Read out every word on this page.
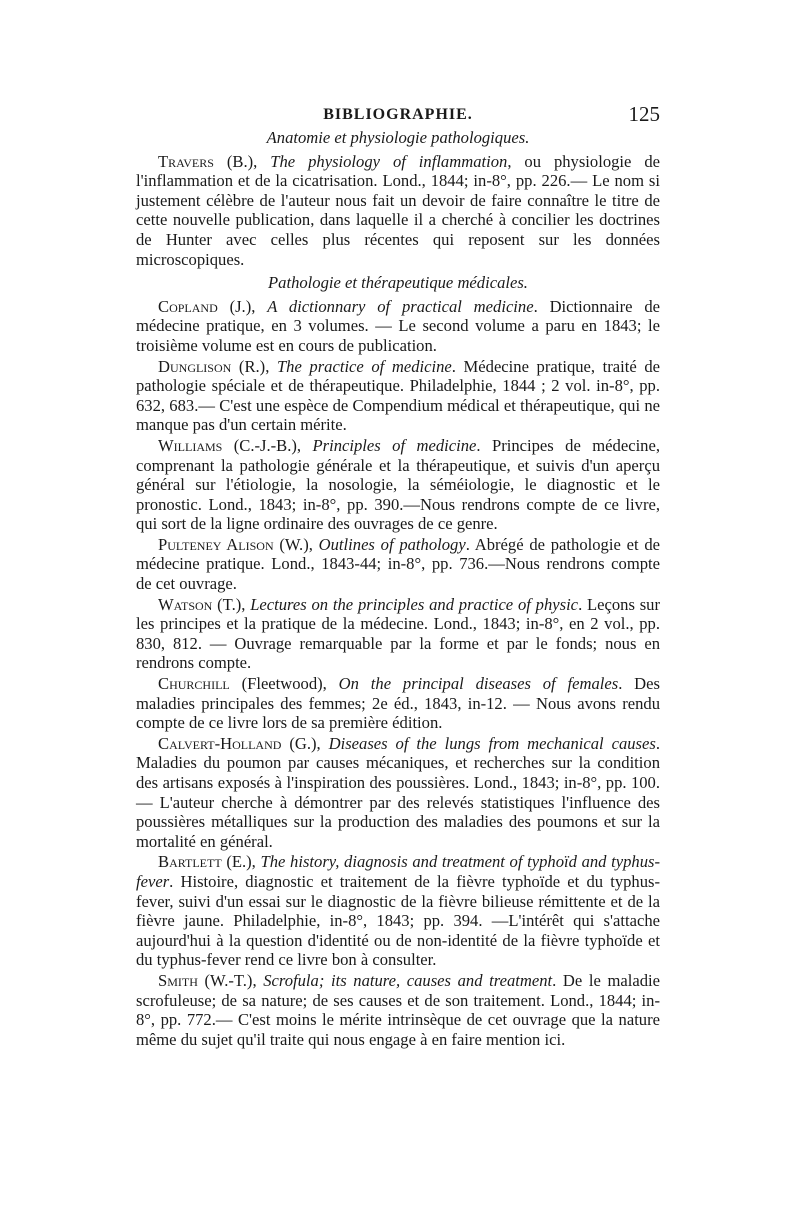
BIBLIOGRAPHIE.	125
Anatomie et physiologie pathologiques.

Travers (B.), The physiology of inflammation, ou physiologie de l'inflammation et de la cicatrisation. Lond., 1844; in-8°, pp. 226.— Le nom si justement célèbre de l'auteur nous fait un devoir de faire connaître le titre de cette nouvelle publication, dans laquelle il a cherché à concilier les doctrines de Hunter avec celles plus récentes qui reposent sur les données microscopiques.

Pathologie et thérapeutique médicales.

Copland (J.), A dictionnary of practical medicine. Dictionnaire de médecine pratique, en 3 volumes. — Le second volume a paru en 1843; le troisième volume est en cours de publication.

Dunglison (R.), The practice of medicine. Médecine pratique, traité de pathologie spéciale et de thérapeutique. Philadelphie, 1844 ; 2 vol. in-8°, pp. 632, 683.— C'est une espèce de Compendium médical et thérapeutique, qui ne manque pas d'un certain mérite.

Williams (C.-J.-B.), Principles of medicine. Principes de médecine, comprenant la pathologie générale et la thérapeutique, et suivis d'un aperçu général sur l'étiologie, la nosologie, la séméiologie, le diagnostic et le pronostic. Lond., 1843; in-8°, pp. 390.—Nous rendrons compte de ce livre, qui sort de la ligne ordinaire des ouvrages de ce genre.

Pulteney Alison (W.), Outlines of pathology. Abrégé de pathologie et de médecine pratique. Lond., 1843-44; in-8°, pp. 736.—Nous rendrons compte de cet ouvrage.

Watson (T.), Lectures on the principles and practice of physic. Leçons sur les principes et la pratique de la médecine. Lond., 1843; in-8°, en 2 vol., pp. 830, 812. — Ouvrage remarquable par la forme et par le fonds; nous en rendrons compte.

Churchill (Fleetwood), On the principal diseases of females. Des maladies principales des femmes; 2e éd., 1843, in-12. — Nous avons rendu compte de ce livre lors de sa première édition.

Calvert-Holland (G.), Diseases of the lungs from mechanical causes. Maladies du poumon par causes mécaniques, et recherches sur la condition des artisans exposés à l'inspiration des poussières. Lond., 1843; in-8°, pp. 100. — L'auteur cherche à démontrer par des relevés statistiques l'influence des poussières métalliques sur la production des maladies des poumons et sur la mortalité en général.

Bartlett (E.), The history, diagnosis and treatment of typhoïd and typhus-fever. Histoire, diagnostic et traitement de la fièvre typhoïde et du typhus-fever, suivi d'un essai sur le diagnostic de la fièvre bilieuse rémittente et de la fièvre jaune. Philadelphie, in-8°, 1843; pp. 394. —L'intérêt qui s'attache aujourd'hui à la question d'identité ou de non-identité de la fièvre typhoïde et du typhus-fever rend ce livre bon à consulter.

Smith (W.-T.), Scrofula; its nature, causes and treatment. De le maladie scrofuleuse; de sa nature; de ses causes et de son traitement. Lond., 1844; in-8°, pp. 772.— C'est moins le mérite intrinsèque de cet ouvrage que la nature même du sujet qu'il traite qui nous engage à en faire mention ici.
